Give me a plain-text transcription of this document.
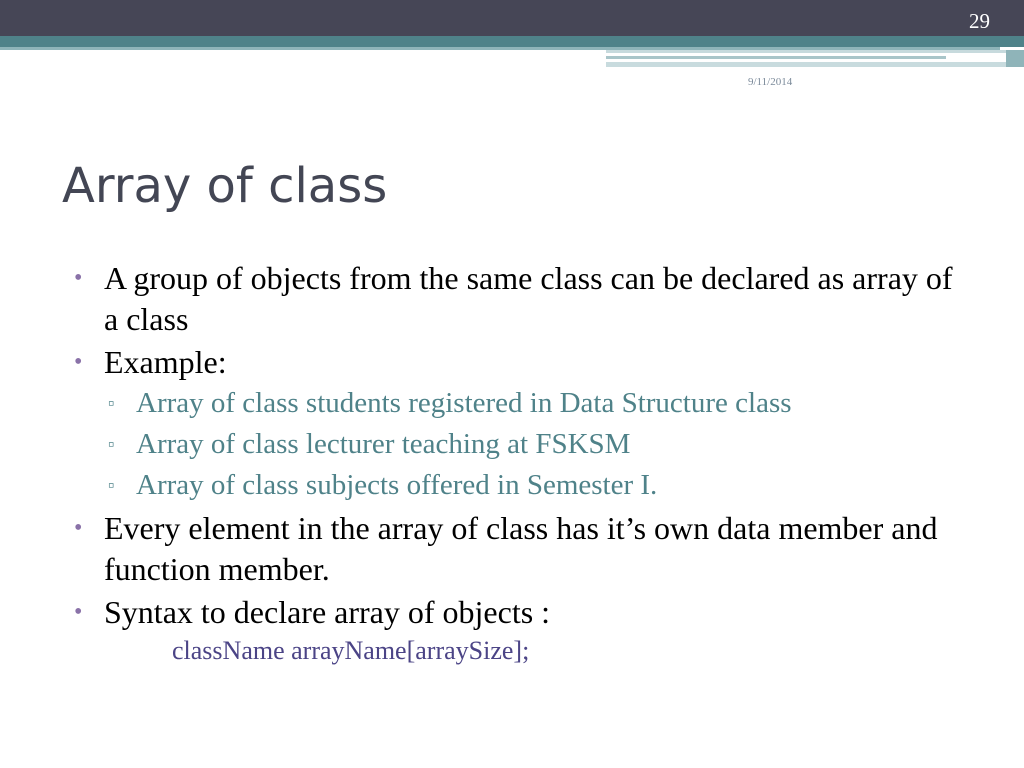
29
9/11/2014
Array of class
• A group of objects from the same class can be declared as array of a class
• Example:
▫ Array of class students registered in Data Structure class
▫ Array of class lecturer teaching at FSKSM
▫ Array of class subjects offered in Semester I.
• Every element in the array of class has it’s own data member and function member.
• Syntax to declare array of objects :
className arrayName[arraySize];
